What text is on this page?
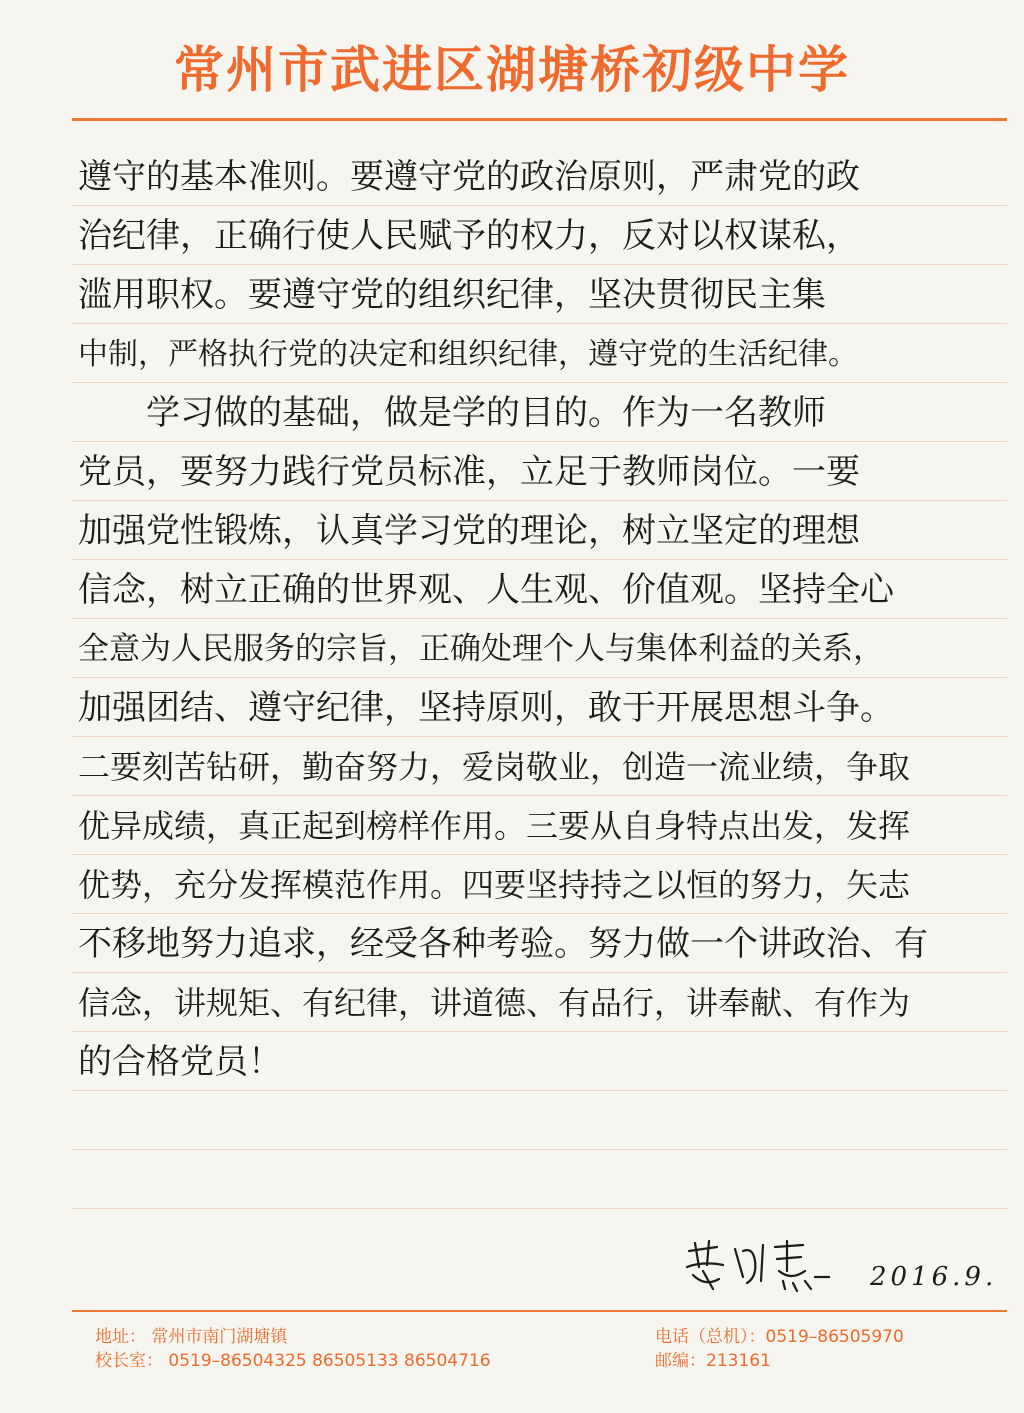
常州市武进区湖塘桥初级中学
遵守的基本准则。要遵守党的政治原则，严肃党的政
治纪律，正确行使人民赋予的权力，反对以权谋私，
滥用职权。要遵守党的组织纪律，坚决贯彻民主集
中制，严格执行党的决定和组织纪律，遵守党的生活纪律。
　　学习做的基础，做是学的目的。作为一名教师
党员，要努力践行党员标准，立足于教师岗位。一要
加强党性锻炼，认真学习党的理论，树立坚定的理想
信念，树立正确的世界观、人生观、价值观。坚持全心
全意为人民服务的宗旨，正确处理个人与集体利益的关系，
加强团结、遵守纪律，坚持原则，敢于开展思想斗争。
二要刻苦钻研，勤奋努力，爱岗敬业，创造一流业绩，争取
优异成绩，真正起到榜样作用。三要从自身特点出发，发挥
优势，充分发挥模范作用。四要坚持持之以恒的努力，矢志
不移地努力追求，经受各种考验。努力做一个讲政治、有
信念，讲规矩、有纪律，讲道德、有品行，讲奉献、有作为
的合格党员！
2016.9.
地址： 常州市南门湖塘镇
校长室： 0519–86504325 86505133 86504716
电话（总机）：0519–86505970
邮编：213161
